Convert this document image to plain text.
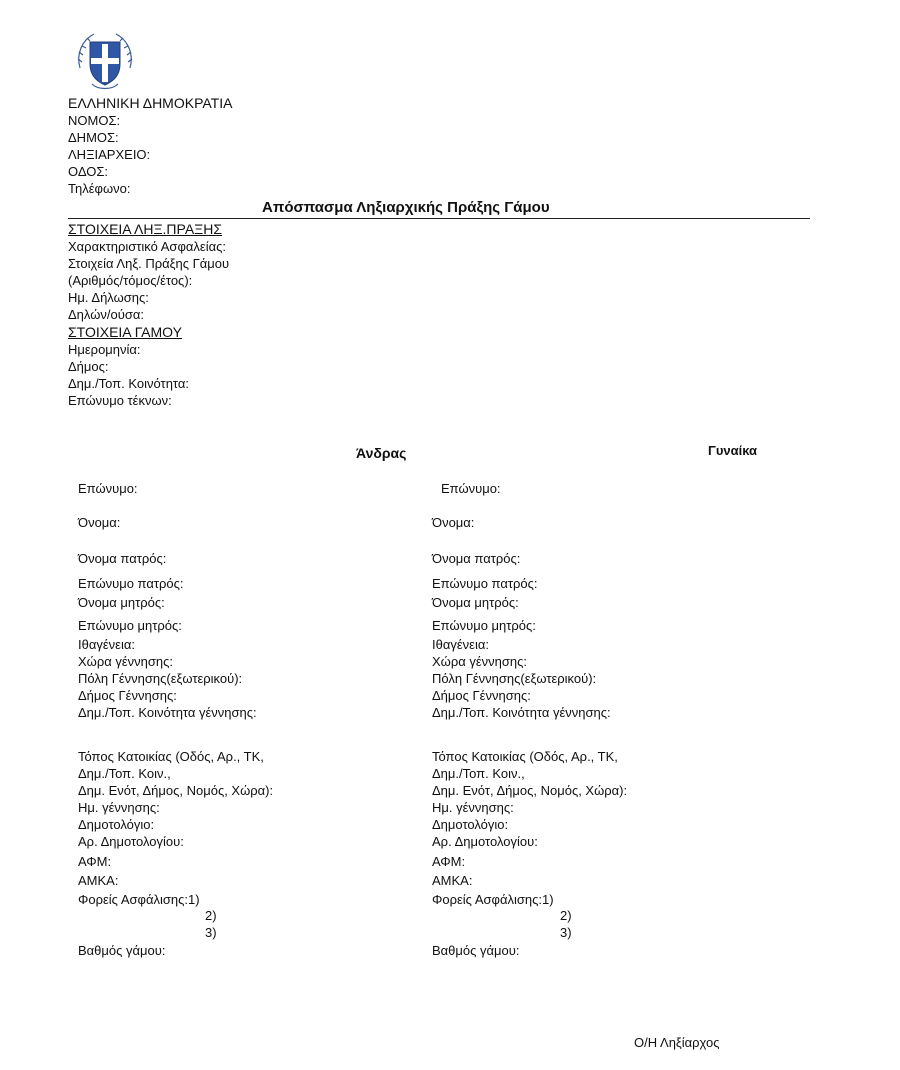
ΕΛΛΗΝΙΚΗ ΔΗΜΟΚΡΑΤΙΑ
ΝΟΜΟΣ:
ΔΗΜΟΣ:
ΛΗΞΙΑΡΧΕΙΟ:
ΟΔΟΣ:
Τηλέφωνο:
Απόσπασμα Ληξιαρχικής Πράξης Γάμου
ΣΤΟΙΧΕΙΑ ΛΗΞ.ΠΡΑΞΗΣ
Χαρακτηριστικό Ασφαλείας:
Στοιχεία Ληξ. Πράξης Γάμου
(Αριθμός/τόμος/έτος):
Ημ. Δήλωσης:
Δηλών/ούσα:
ΣΤΟΙΧΕΙΑ ΓΑΜΟΥ
Ημερομηνία:
Δήμος:
Δημ./Τοπ. Κοινότητα:
Επώνυμο τέκνων:
Άνδρας	Γυναίκα
Επώνυμο:
Όνομα:
Όνομα πατρός:
Επώνυμο πατρός:
Όνομα μητρός:
Επώνυμο μητρός:
Ιθαγένεια:
Χώρα γέννησης:
Πόλη Γέννησης(εξωτερικού):
Δήμος Γέννησης:
Δημ./Τοπ. Κοινότητα γέννησης:
Τόπος Κατοικίας (Οδός, Αρ., ΤΚ,
Δημ./Τοπ. Κοιν.,
Δημ. Ενότ, Δήμος, Νομός, Χώρα):
Ημ. γέννησης:
Δημοτολόγιο:
Αρ. Δημοτολογίου:
ΑΦΜ:
ΑΜΚΑ:
Φορείς Ασφάλισης:1)
2)
3)
Βαθμός γάμου:
Επώνυμο:
Όνομα:
Όνομα πατρός:
Επώνυμο πατρός:
Όνομα μητρός:
Επώνυμο μητρός:
Ιθαγένεια:
Χώρα γέννησης:
Πόλη Γέννησης(εξωτερικού):
Δήμος Γέννησης:
Δημ./Τοπ. Κοινότητα γέννησης:
Τόπος Κατοικίας (Οδός, Αρ., ΤΚ,
Δημ./Τοπ. Κοιν.,
Δημ. Ενότ, Δήμος, Νομός, Χώρα):
Ημ. γέννησης:
Δημοτολόγιο:
Αρ. Δημοτολογίου:
ΑΦΜ:
ΑΜΚΑ:
Φορείς Ασφάλισης:1)
2)
3)
Βαθμός γάμου:
Ο/Η Ληξίαρχος
